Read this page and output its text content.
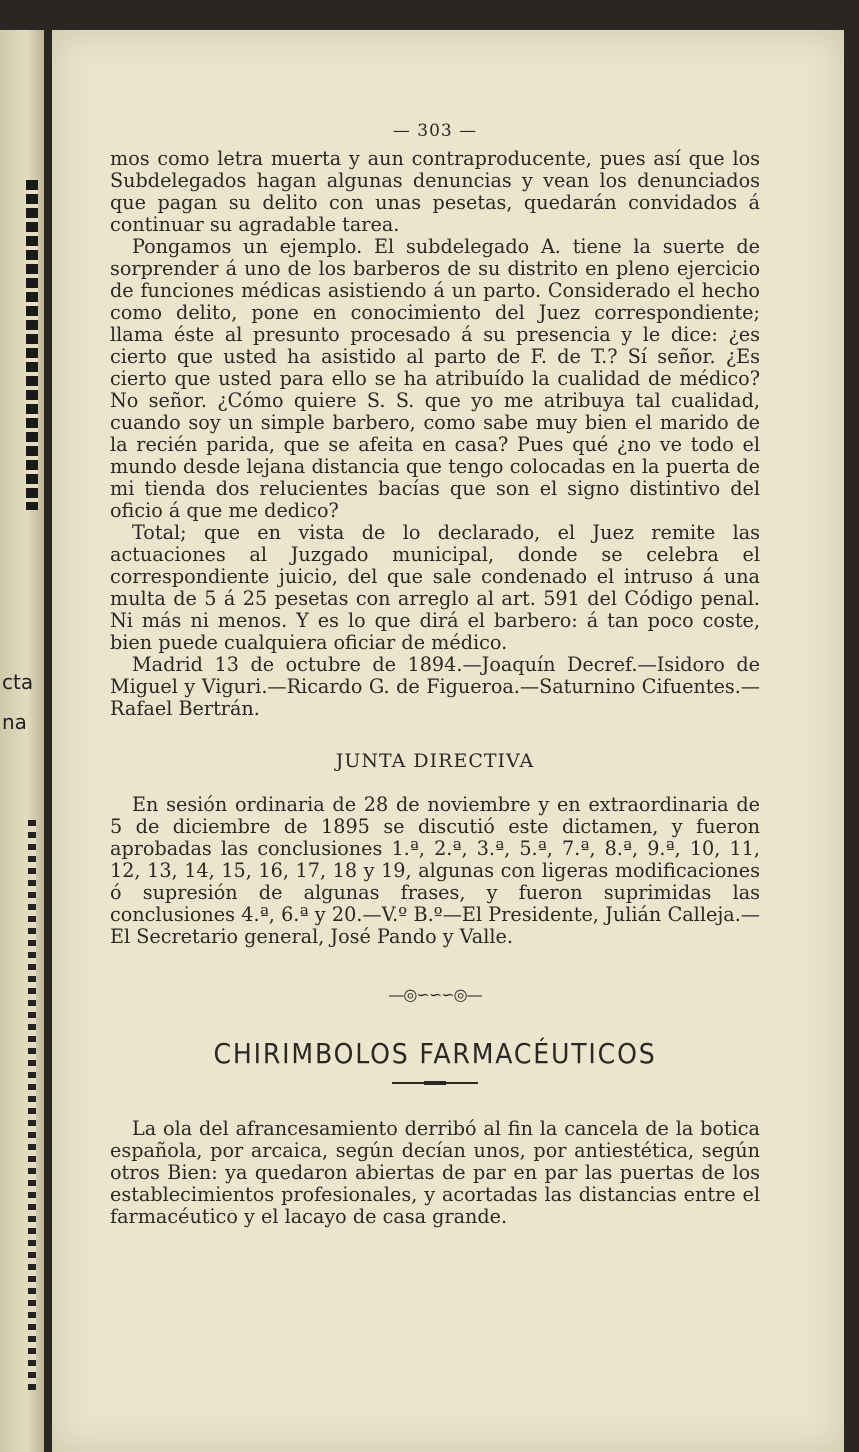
cta
na
— 303 —

mos como letra muerta y aun contraproducente, pues así que los Subdelegados hagan algunas denuncias y vean los denunciados que pagan su delito con unas pesetas, quedarán convidados á continuar su agradable tarea.

Pongamos un ejemplo. El subdelegado A. tiene la suerte de sorprender á uno de los barberos de su distrito en pleno ejercicio de funciones médicas asistiendo á un parto. Considerado el hecho como delito, pone en conocimiento del Juez correspondiente; llama éste al presunto procesado á su presencia y le dice: ¿es cierto que usted ha asistido al parto de F. de T.? Sí señor. ¿Es cierto que usted para ello se ha atribuído la cualidad de médico? No señor. ¿Cómo quiere S. S. que yo me atribuya tal cualidad, cuando soy un simple barbero, como sabe muy bien el marido de la recién parida, que se afeita en casa? Pues qué ¿no ve todo el mundo desde lejana distancia que tengo colocadas en la puerta de mi tienda dos relucientes bacías que son el signo distintivo del oficio á que me dedico?

Total; que en vista de lo declarado, el Juez remite las actuaciones al Juzgado municipal, donde se celebra el correspondiente juicio, del que sale condenado el intruso á una multa de 5 á 25 pesetas con arreglo al art. 591 del Código penal. Ni más ni menos. Y es lo que dirá el barbero: á tan poco coste, bien puede cualquiera oficiar de médico.

Madrid 13 de octubre de 1894.—Joaquín Decref.—Isidoro de Miguel y Viguri.—Ricardo G. de Figueroa.—Saturnino Cifuentes.—Rafael Bertrán.

JUNTA DIRECTIVA

En sesión ordinaria de 28 de noviembre y en extraordinaria de 5 de diciembre de 1895 se discutió este dictamen, y fueron aprobadas las conclusiones 1.ª, 2.ª, 3.ª, 5.ª, 7.ª, 8.ª, 9.ª, 10, 11, 12, 13, 14, 15, 16, 17, 18 y 19, algunas con ligeras modificaciones ó supresión de algunas frases, y fueron suprimidas las conclusiones 4.ª, 6.ª y 20.—V.º B.º—El Presidente, Julián Calleja.—El Secretario general, José Pando y Valle.

—◎∽∽∽◎—
CHIRIMBOLOS FARMACÉUTICOS

La ola del afrancesamiento derribó al fin la cancela de la botica española, por arcaica, según decían unos, por antiestética, según otros Bien: ya quedaron abiertas de par en par las puertas de los establecimientos profesionales, y acortadas las distancias entre el farmacéutico y el lacayo de casa grande.
